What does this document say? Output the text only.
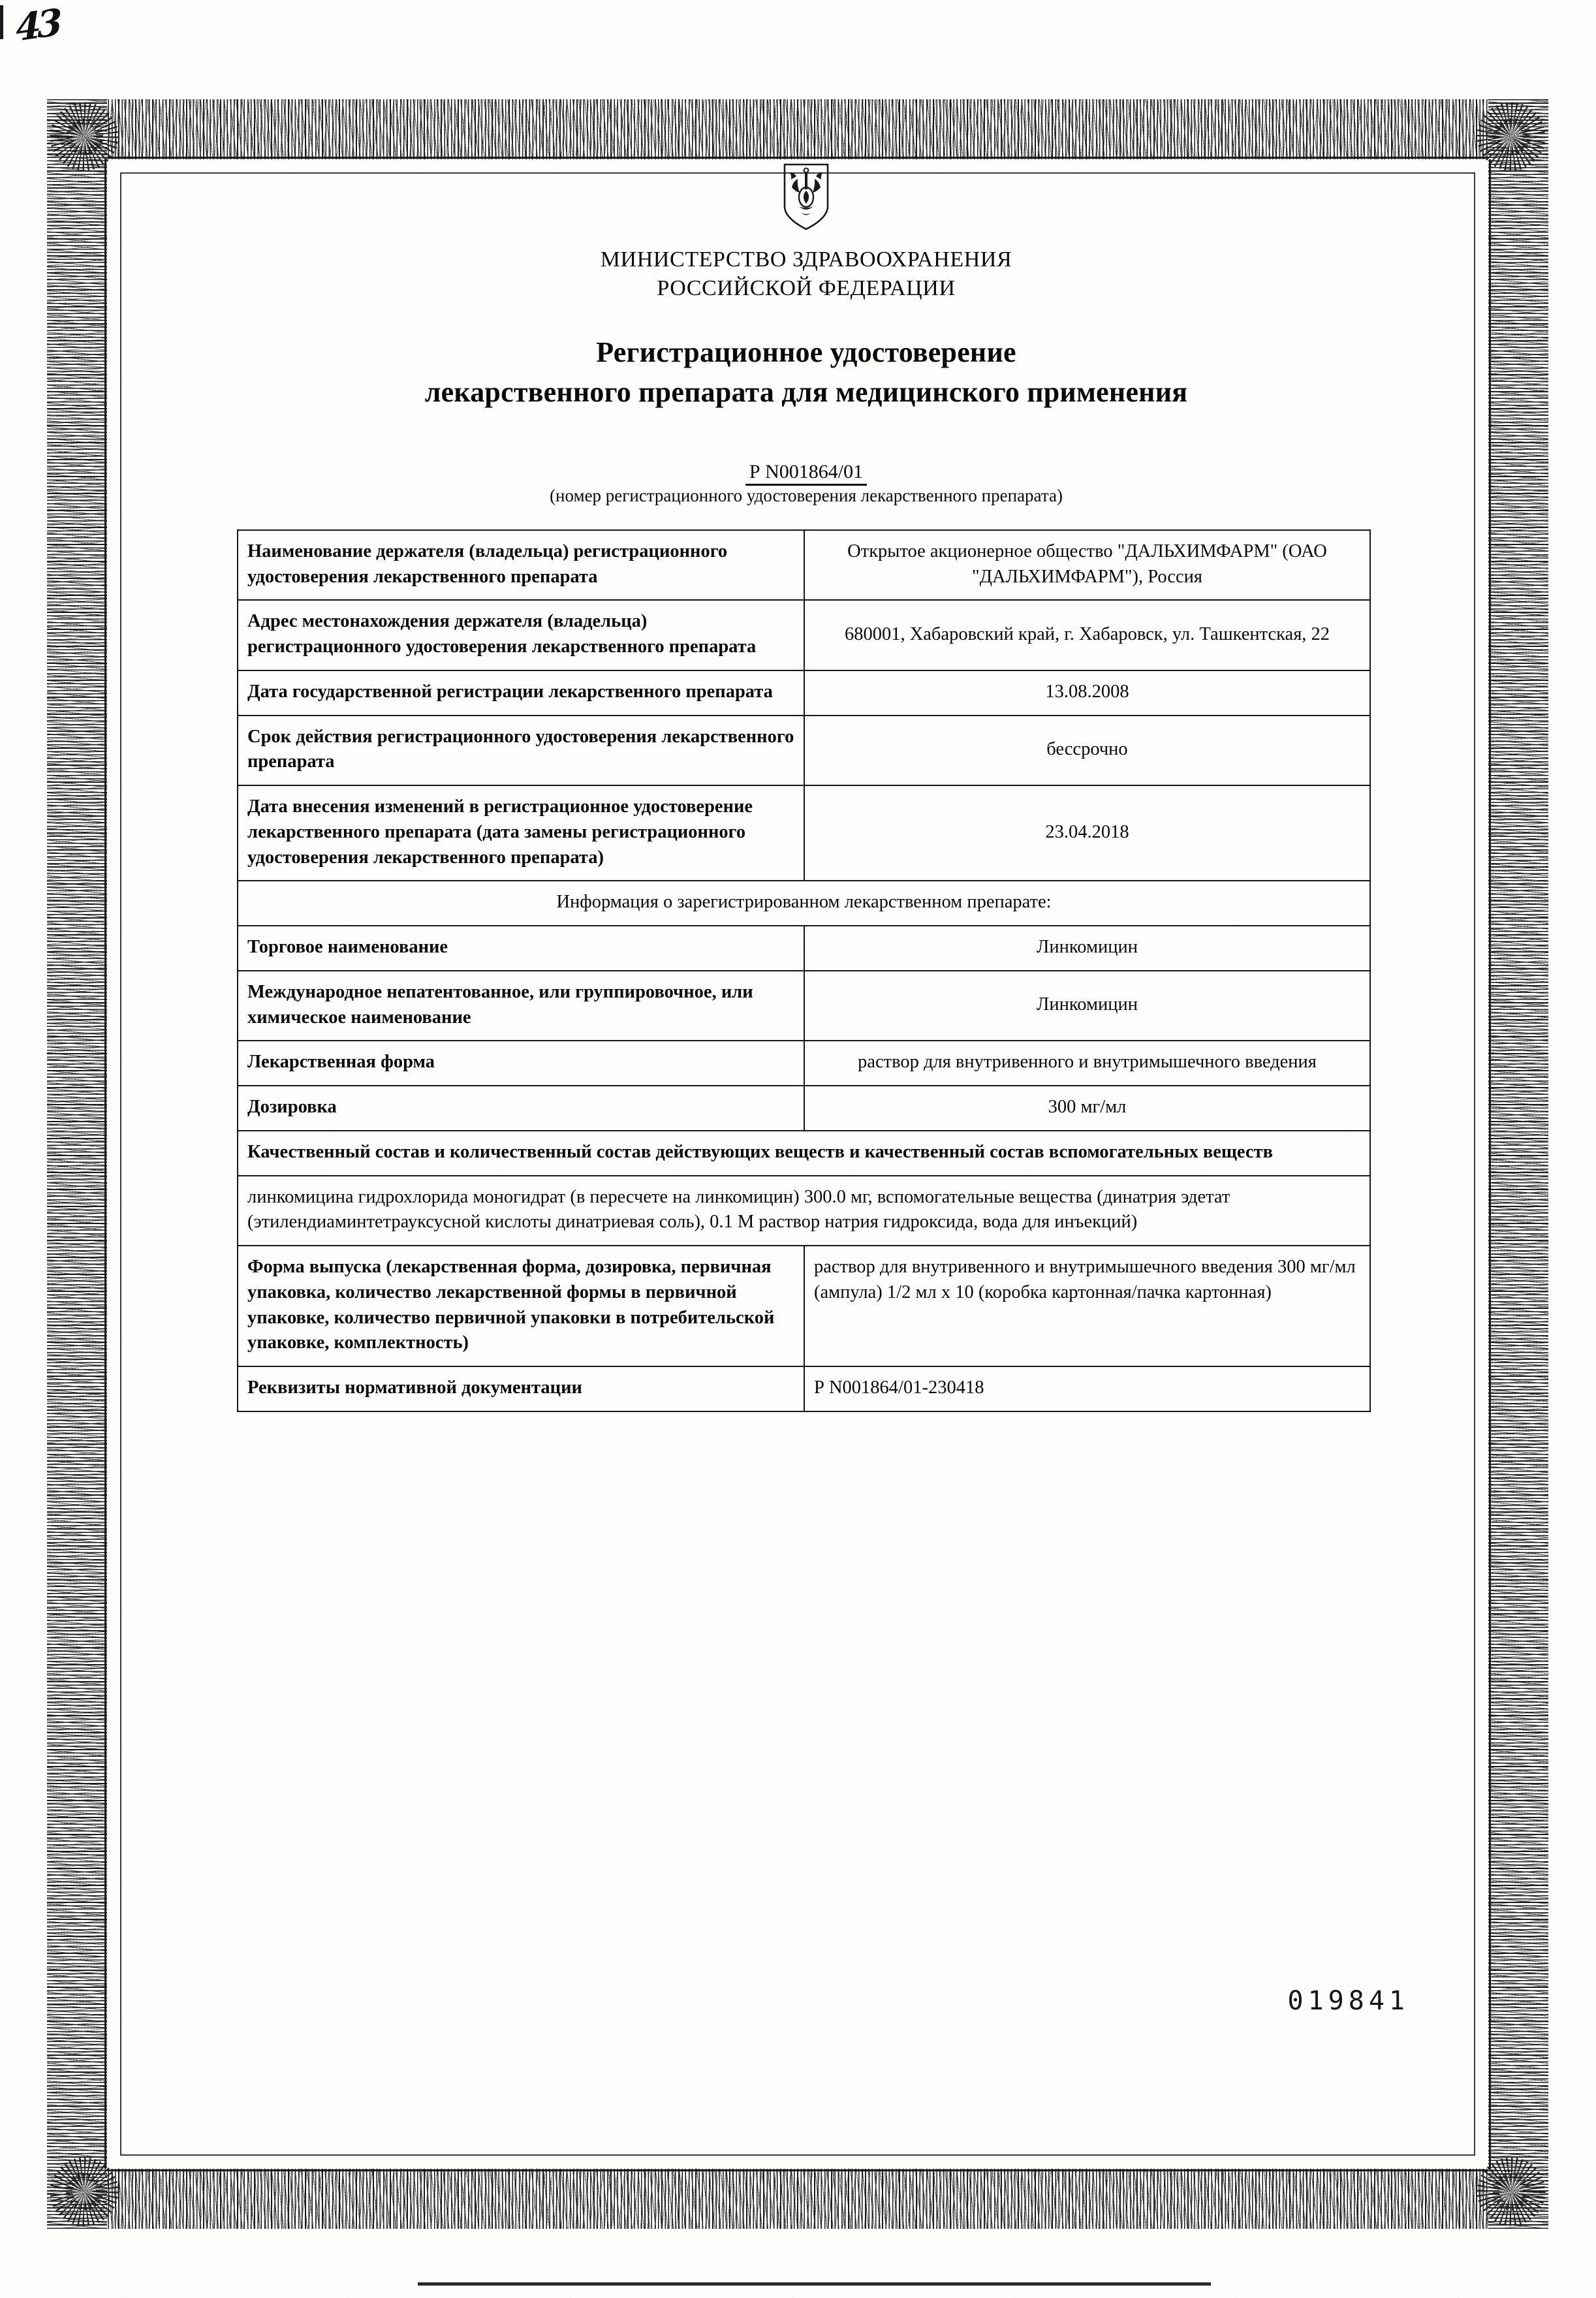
43
МИНИСТЕРСТВО ЗДРАВООХРАНЕНИЯ
РОССИЙСКОЙ ФЕДЕРАЦИИ
Регистрационное удостоверение
лекарственного препарата для медицинского применения
Р N001864/01
(номер регистрационного удостоверения лекарственного препарата)
Наименование держателя (владельца) регистрационного удостоверения лекарственного препарата	Открытое акционерное общество "ДАЛЬХИМФАРМ" (ОАО "ДАЛЬХИМФАРМ"), Россия
Адрес местонахождения держателя (владельца) регистрационного удостоверения лекарственного препарата	680001, Хабаровский край, г. Хабаровск, ул. Ташкентская, 22
Дата государственной регистрации лекарственного препарата	13.08.2008
Срок действия регистрационного удостоверения лекарственного препарата	бессрочно
Дата внесения изменений в регистрационное удостоверение лекарственного препарата (дата замены регистрационного удостоверения лекарственного препарата)	23.04.2018
Информация о зарегистрированном лекарственном препарате:	
Торговое наименование	Линкомицин
Международное непатентованное, или группировочное, или химическое наименование	Линкомицин
Лекарственная форма	раствор для внутривенного и внутримышечного введения
Дозировка	300 мг/мл
Качественный состав и количественный состав действующих веществ и качественный состав вспомогательных веществ	
линкомицина гидрохлорида моногидрат (в пересчете на линкомицин) 300.0 мг, вспомогательные вещества (динатрия эдетат (этилендиаминтетрауксусной кислоты динатриевая соль), 0.1 М раствор натрия гидроксида, вода для инъекций)	
Форма выпуска (лекарственная форма, дозировка, первичная упаковка, количество лекарственной формы в первичной упаковке, количество первичной упаковки в потребительской упаковке, комплектность)	раствор для внутривенного и внутримышечного введения 300 мг/мл (ампула) 1/2 мл х 10 (коробка картонная/пачка картонная)
Реквизиты нормативной документации	Р N001864/01-230418
019841
